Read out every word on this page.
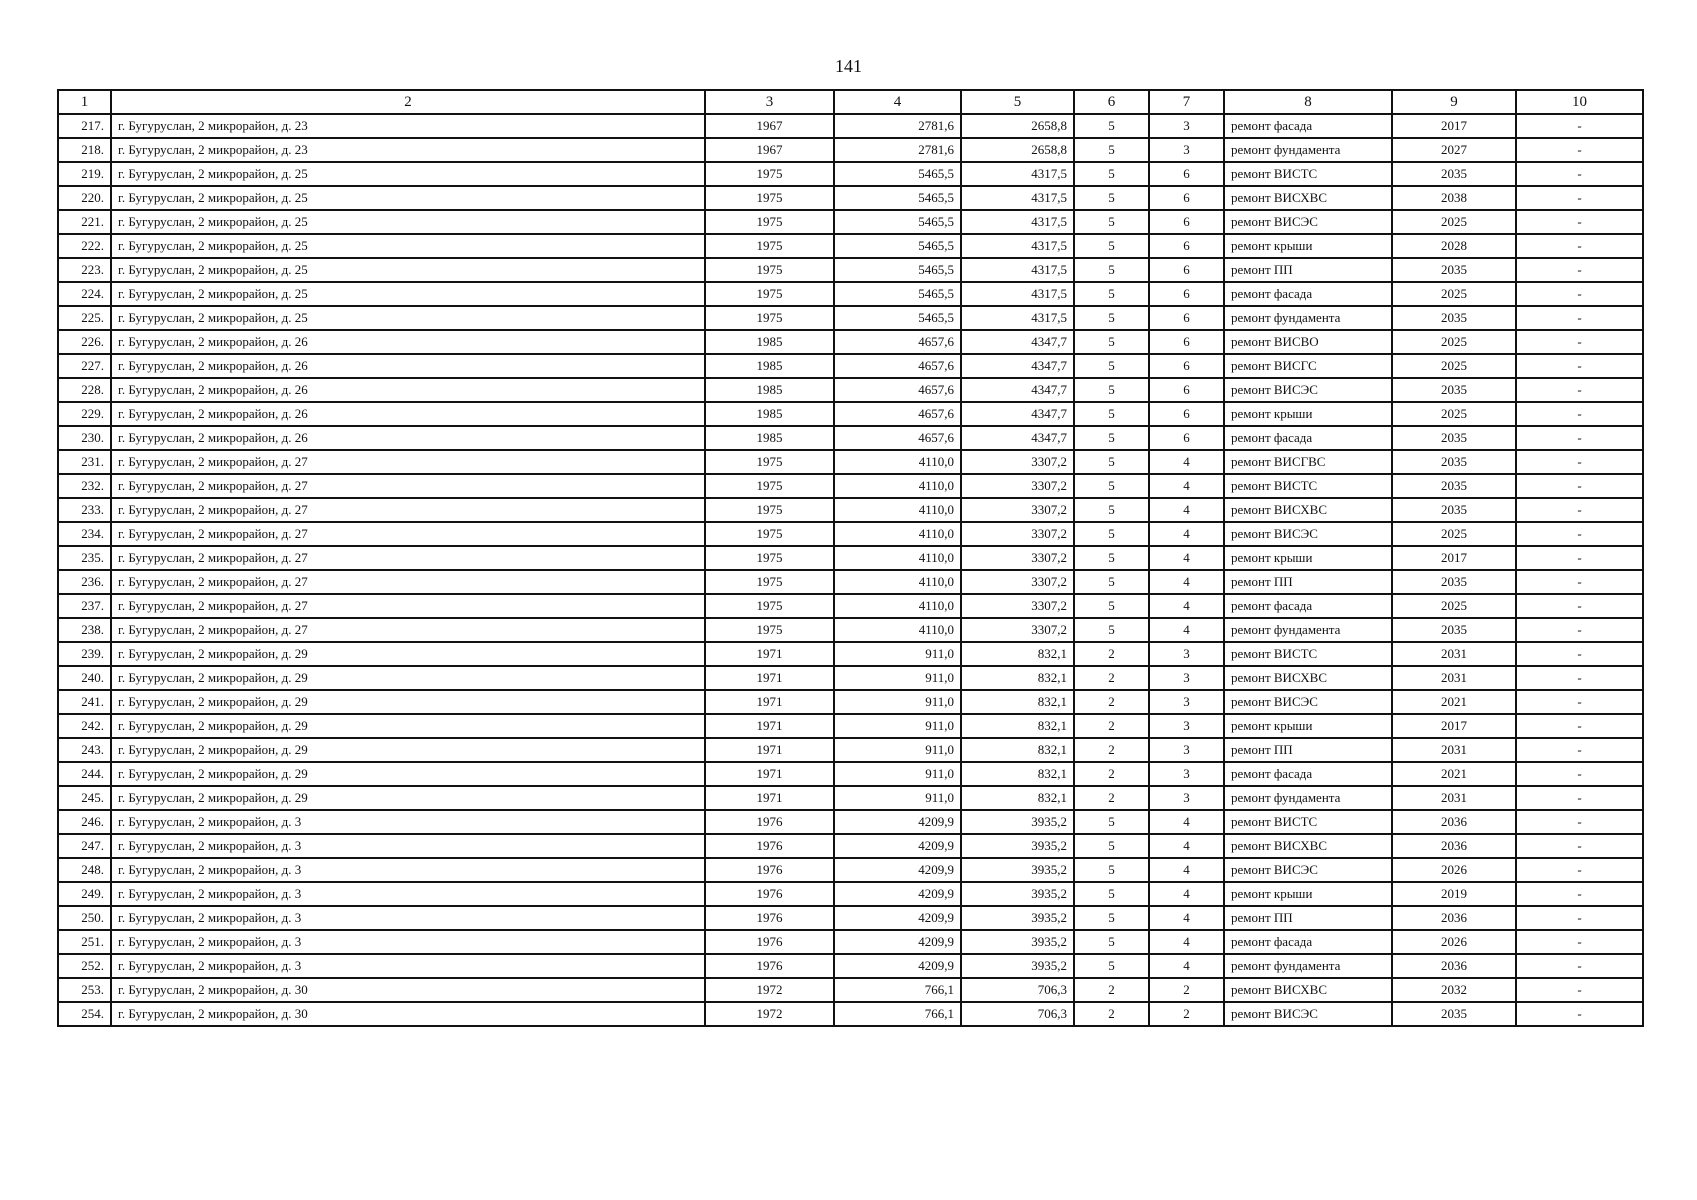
141
1	2	3	4	5	6	7	8	9	10
217.	г. Бугуруслан, 2 микрорайон, д. 23	1967	2781,6	2658,8	5	3	ремонт фасада	2017	-
218.	г. Бугуруслан, 2 микрорайон, д. 23	1967	2781,6	2658,8	5	3	ремонт фундамента	2027	-
219.	г. Бугуруслан, 2 микрорайон, д. 25	1975	5465,5	4317,5	5	6	ремонт ВИСТС	2035	-
220.	г. Бугуруслан, 2 микрорайон, д. 25	1975	5465,5	4317,5	5	6	ремонт ВИСХВС	2038	-
221.	г. Бугуруслан, 2 микрорайон, д. 25	1975	5465,5	4317,5	5	6	ремонт ВИСЭС	2025	-
222.	г. Бугуруслан, 2 микрорайон, д. 25	1975	5465,5	4317,5	5	6	ремонт крыши	2028	-
223.	г. Бугуруслан, 2 микрорайон, д. 25	1975	5465,5	4317,5	5	6	ремонт ПП	2035	-
224.	г. Бугуруслан, 2 микрорайон, д. 25	1975	5465,5	4317,5	5	6	ремонт фасада	2025	-
225.	г. Бугуруслан, 2 микрорайон, д. 25	1975	5465,5	4317,5	5	6	ремонт фундамента	2035	-
226.	г. Бугуруслан, 2 микрорайон, д. 26	1985	4657,6	4347,7	5	6	ремонт ВИСВО	2025	-
227.	г. Бугуруслан, 2 микрорайон, д. 26	1985	4657,6	4347,7	5	6	ремонт ВИСГС	2025	-
228.	г. Бугуруслан, 2 микрорайон, д. 26	1985	4657,6	4347,7	5	6	ремонт ВИСЭС	2035	-
229.	г. Бугуруслан, 2 микрорайон, д. 26	1985	4657,6	4347,7	5	6	ремонт крыши	2025	-
230.	г. Бугуруслан, 2 микрорайон, д. 26	1985	4657,6	4347,7	5	6	ремонт фасада	2035	-
231.	г. Бугуруслан, 2 микрорайон, д. 27	1975	4110,0	3307,2	5	4	ремонт ВИСГВС	2035	-
232.	г. Бугуруслан, 2 микрорайон, д. 27	1975	4110,0	3307,2	5	4	ремонт ВИСТС	2035	-
233.	г. Бугуруслан, 2 микрорайон, д. 27	1975	4110,0	3307,2	5	4	ремонт ВИСХВС	2035	-
234.	г. Бугуруслан, 2 микрорайон, д. 27	1975	4110,0	3307,2	5	4	ремонт ВИСЭС	2025	-
235.	г. Бугуруслан, 2 микрорайон, д. 27	1975	4110,0	3307,2	5	4	ремонт крыши	2017	-
236.	г. Бугуруслан, 2 микрорайон, д. 27	1975	4110,0	3307,2	5	4	ремонт ПП	2035	-
237.	г. Бугуруслан, 2 микрорайон, д. 27	1975	4110,0	3307,2	5	4	ремонт фасада	2025	-
238.	г. Бугуруслан, 2 микрорайон, д. 27	1975	4110,0	3307,2	5	4	ремонт фундамента	2035	-
239.	г. Бугуруслан, 2 микрорайон, д. 29	1971	911,0	832,1	2	3	ремонт ВИСТС	2031	-
240.	г. Бугуруслан, 2 микрорайон, д. 29	1971	911,0	832,1	2	3	ремонт ВИСХВС	2031	-
241.	г. Бугуруслан, 2 микрорайон, д. 29	1971	911,0	832,1	2	3	ремонт ВИСЭС	2021	-
242.	г. Бугуруслан, 2 микрорайон, д. 29	1971	911,0	832,1	2	3	ремонт крыши	2017	-
243.	г. Бугуруслан, 2 микрорайон, д. 29	1971	911,0	832,1	2	3	ремонт ПП	2031	-
244.	г. Бугуруслан, 2 микрорайон, д. 29	1971	911,0	832,1	2	3	ремонт фасада	2021	-
245.	г. Бугуруслан, 2 микрорайон, д. 29	1971	911,0	832,1	2	3	ремонт фундамента	2031	-
246.	г. Бугуруслан, 2 микрорайон, д. 3	1976	4209,9	3935,2	5	4	ремонт ВИСТС	2036	-
247.	г. Бугуруслан, 2 микрорайон, д. 3	1976	4209,9	3935,2	5	4	ремонт ВИСХВС	2036	-
248.	г. Бугуруслан, 2 микрорайон, д. 3	1976	4209,9	3935,2	5	4	ремонт ВИСЭС	2026	-
249.	г. Бугуруслан, 2 микрорайон, д. 3	1976	4209,9	3935,2	5	4	ремонт крыши	2019	-
250.	г. Бугуруслан, 2 микрорайон, д. 3	1976	4209,9	3935,2	5	4	ремонт ПП	2036	-
251.	г. Бугуруслан, 2 микрорайон, д. 3	1976	4209,9	3935,2	5	4	ремонт фасада	2026	-
252.	г. Бугуруслан, 2 микрорайон, д. 3	1976	4209,9	3935,2	5	4	ремонт фундамента	2036	-
253.	г. Бугуруслан, 2 микрорайон, д. 30	1972	766,1	706,3	2	2	ремонт ВИСХВС	2032	-
254.	г. Бугуруслан, 2 микрорайон, д. 30	1972	766,1	706,3	2	2	ремонт ВИСЭС	2035	-
